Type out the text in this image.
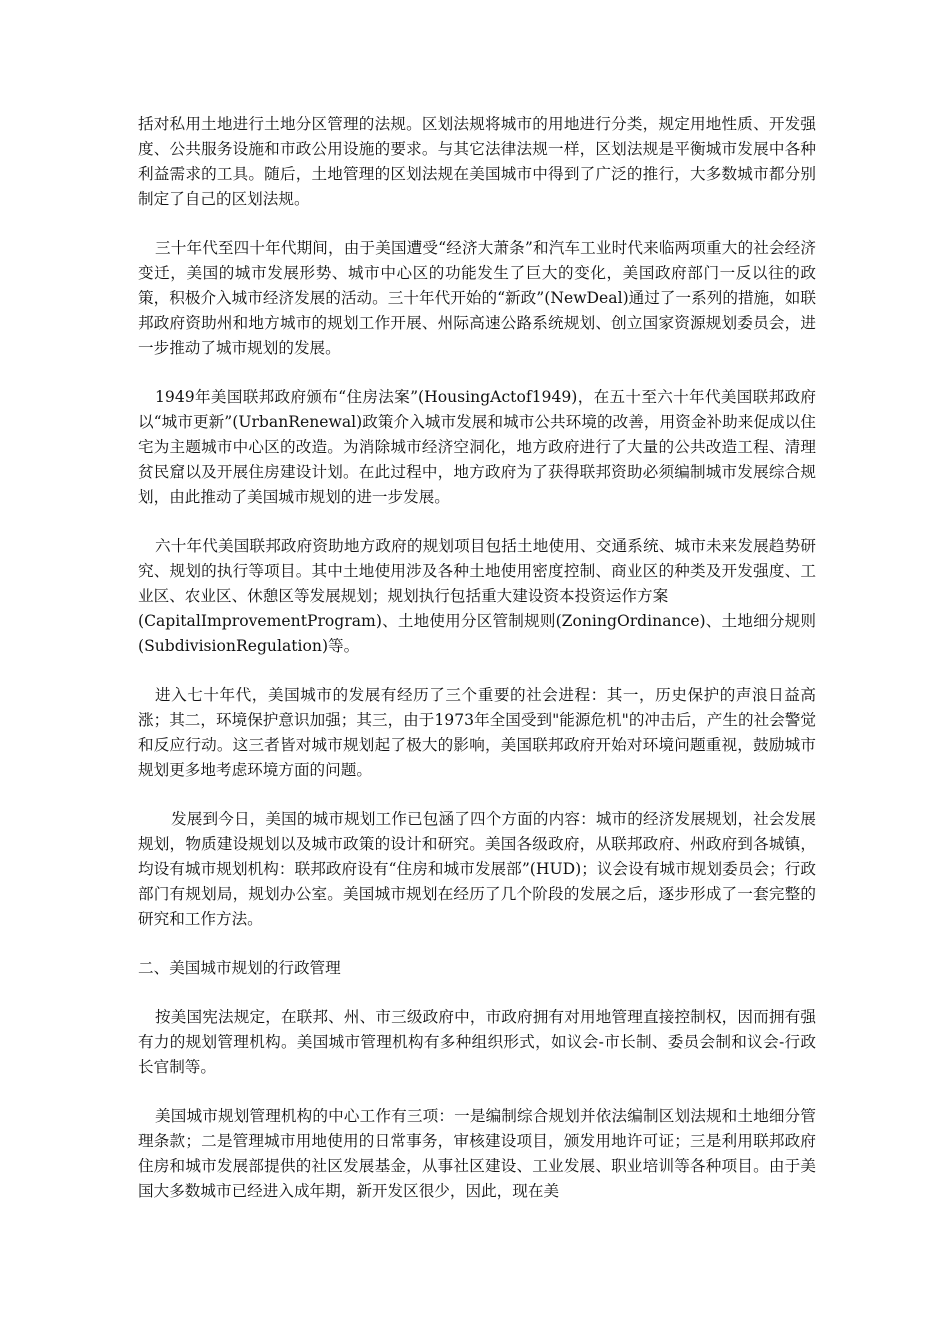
括对私用土地进行土地分区管理的法规。区划法规将城市的用地进行分类，规定用地性质、开发强度、公共服务设施和市政公用设施的要求。与其它法律法规一样，区划法规是平衡城市发展中各种利益需求的工具。随后，土地管理的区划法规在美国城市中得到了广泛的推行，大多数城市都分别制定了自己的区划法规。

三十年代至四十年代期间，由于美国遭受“经济大萧条”和汽车工业时代来临两项重大的社会经济变迁，美国的城市发展形势、城市中心区的功能发生了巨大的变化，美国政府部门一反以往的政策，积极介入城市经济发展的活动。三十年代开始的“新政”(NewDeal)通过了一系列的措施，如联邦政府资助州和地方城市的规划工作开展、州际高速公路系统规划、创立国家资源规划委员会，进一步推动了城市规划的发展。

1949年美国联邦政府颁布“住房法案”(HousingActof1949)，在五十至六十年代美国联邦政府以“城市更新”(UrbanRenewal)政策介入城市发展和城市公共环境的改善，用资金补助来促成以住宅为主题城市中心区的改造。为消除城市经济空洞化，地方政府进行了大量的公共改造工程、清理贫民窟以及开展住房建设计划。在此过程中，地方政府为了获得联邦资助必须编制城市发展综合规划，由此推动了美国城市规划的进一步发展。

六十年代美国联邦政府资助地方政府的规划项目包括土地使用、交通系统、城市未来发展趋势研究、规划的执行等项目。其中土地使用涉及各种土地使用密度控制、商业区的种类及开发强度、工业区、农业区、休憩区等发展规划；规划执行包括重大建设资本投资运作方案

(CapitalImprovementProgram)、土地使用分区管制规则(ZoningOrdinance)、土地细分规则(SubdivisionRegulation)等。

进入七十年代，美国城市的发展有经历了三个重要的社会进程：其一，历史保护的声浪日益高涨；其二，环境保护意识加强；其三，由于1973年全国受到"能源危机"的冲击后，产生的社会警觉和反应行动。这三者皆对城市规划起了极大的影响，美国联邦政府开始对环境问题重视，鼓励城市规划更多地考虑环境方面的问题。

发展到今日，美国的城市规划工作已包涵了四个方面的内容：城市的经济发展规划，社会发展规划，物质建设规划以及城市政策的设计和研究。美国各级政府，从联邦政府、州政府到各城镇，均设有城市规划机构：联邦政府设有“住房和城市发展部”(HUD)；议会设有城市规划委员会；行政部门有规划局，规划办公室。美国城市规划在经历了几个阶段的发展之后，逐步形成了一套完整的研究和工作方法。

二、美国城市规划的行政管理

按美国宪法规定，在联邦、州、市三级政府中，市政府拥有对用地管理直接控制权，因而拥有强有力的规划管理机构。美国城市管理机构有多种组织形式，如议会-市长制、委员会制和议会-行政长官制等。

美国城市规划管理机构的中心工作有三项：一是编制综合规划并依法编制区划法规和土地细分管理条款；二是管理城市用地使用的日常事务，审核建设项目，颁发用地许可证；三是利用联邦政府住房和城市发展部提供的社区发展基金，从事社区建设、工业发展、职业培训等各种项目。由于美国大多数城市已经进入成年期，新开发区很少，因此，现在美
